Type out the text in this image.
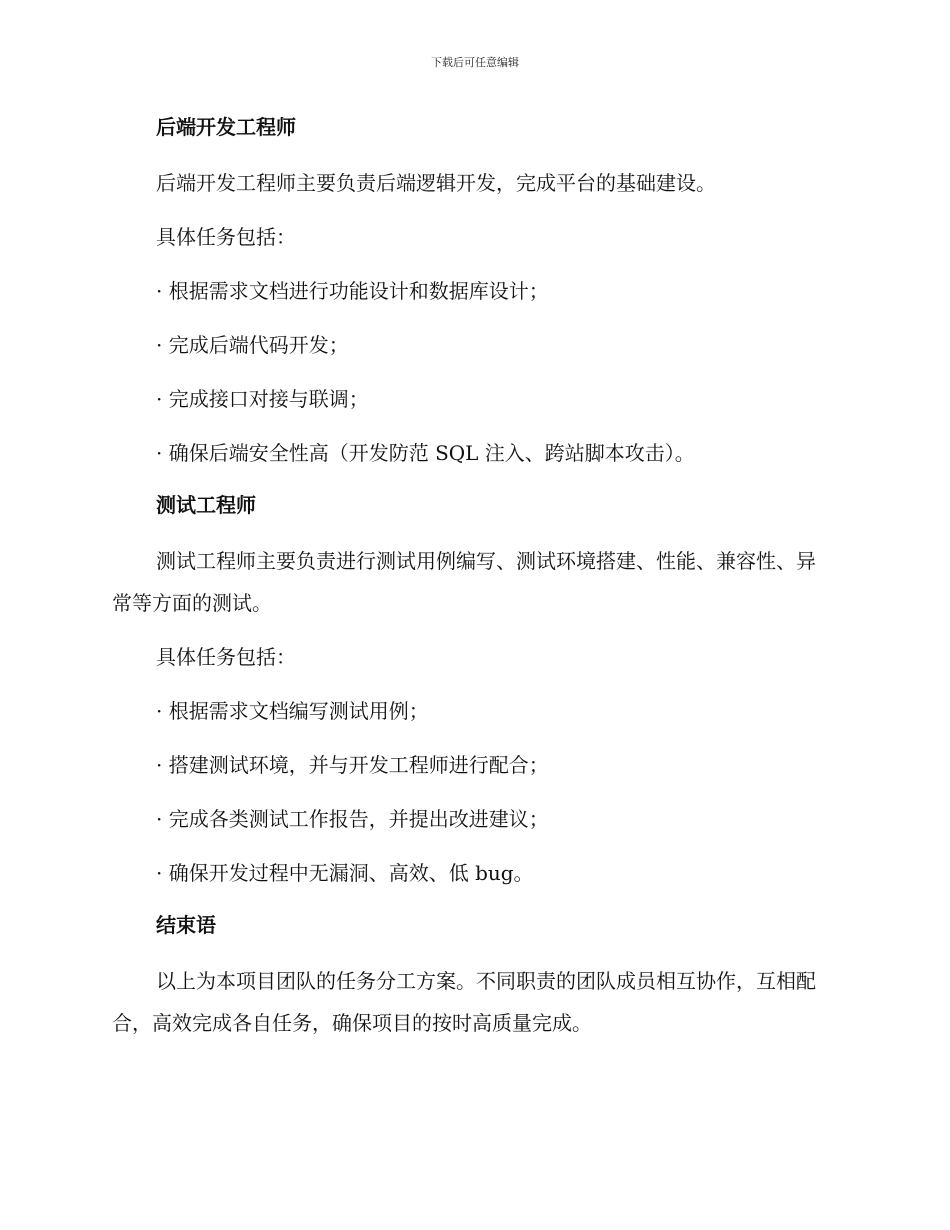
下载后可任意编辑
后端开发工程师
后端开发工程师主要负责后端逻辑开发，完成平台的基础建设。
具体任务包括：
· 根据需求文档进行功能设计和数据库设计；
· 完成后端代码开发；
· 完成接口对接与联调；
· 确保后端安全性高（开发防范 SQL 注入、跨站脚本攻击）。
测试工程师
测试工程师主要负责进行测试用例编写、测试环境搭建、性能、兼容性、异常等方面的测试。
具体任务包括：
· 根据需求文档编写测试用例；
· 搭建测试环境，并与开发工程师进行配合；
· 完成各类测试工作报告，并提出改进建议；
· 确保开发过程中无漏洞、高效、低 bug。
结束语
以上为本项目团队的任务分工方案。不同职责的团队成员相互协作，互相配合，高效完成各自任务，确保项目的按时高质量完成。
